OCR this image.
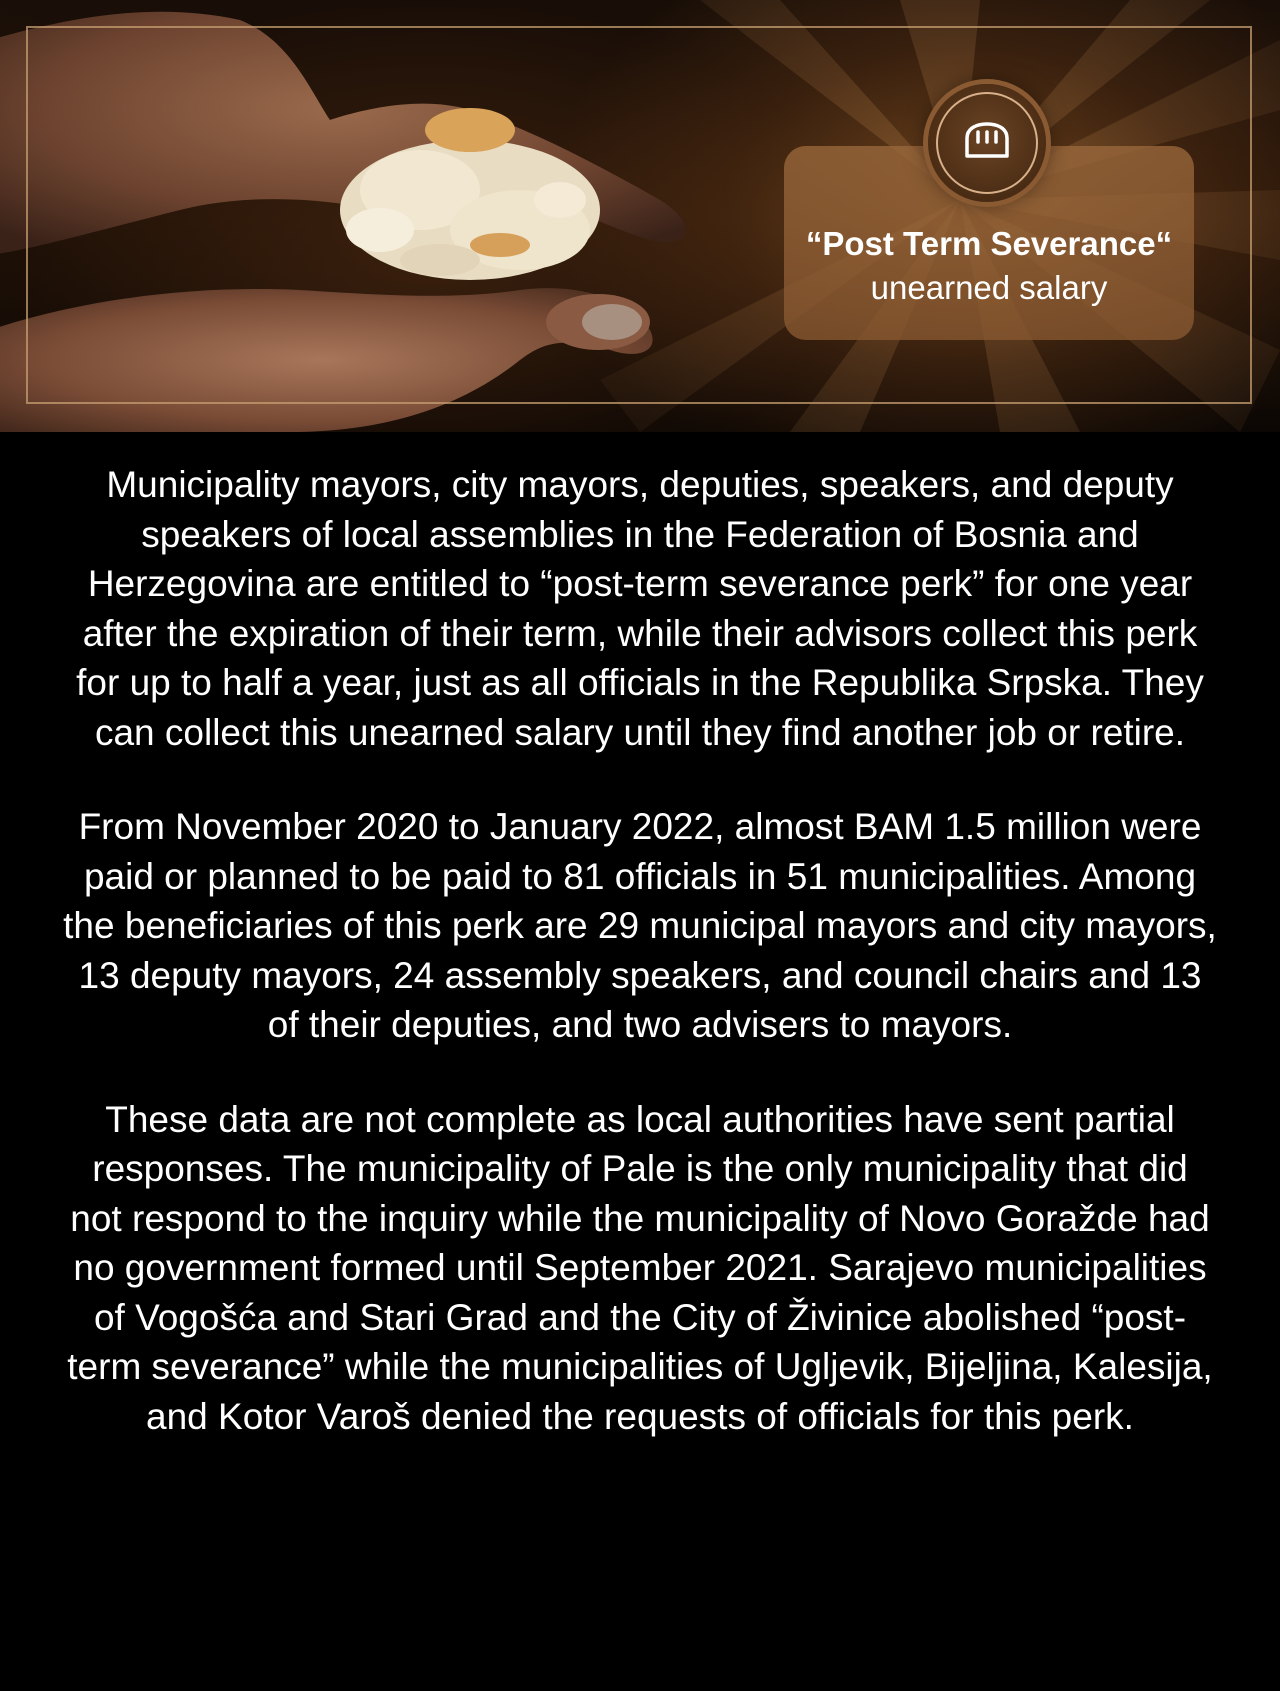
“Post Term Severance“

unearned salary

Municipality mayors, city mayors, deputies, speakers, and deputy speakers of local assemblies in the Federation of Bosnia and Herzegovina are entitled to “post-term severance perk” for one year after the expiration of their term, while their advisors collect this perk for up to half a year, just as all officials in the Republika Srpska. They can collect this unearned salary until they find another job or retire.

From November 2020 to January 2022, almost BAM 1.5 million were paid or planned to be paid to 81 officials in 51 municipalities. Among the beneficiaries of this perk are 29 municipal mayors and city mayors, 13 deputy mayors, 24 assembly speakers, and council chairs and 13 of their deputies, and two advisers to mayors.

These data are not complete as local authorities have sent partial responses. The municipality of Pale is the only municipality that did not respond to the inquiry while the municipality of Novo Goražde had no government formed until September 2021. Sarajevo municipalities of Vogošća and Stari Grad and the City of Živinice abolished “post-term severance” while the municipalities of Ugljevik, Bijeljina, Kalesija, and Kotor Varoš denied the requests of officials for this perk.
